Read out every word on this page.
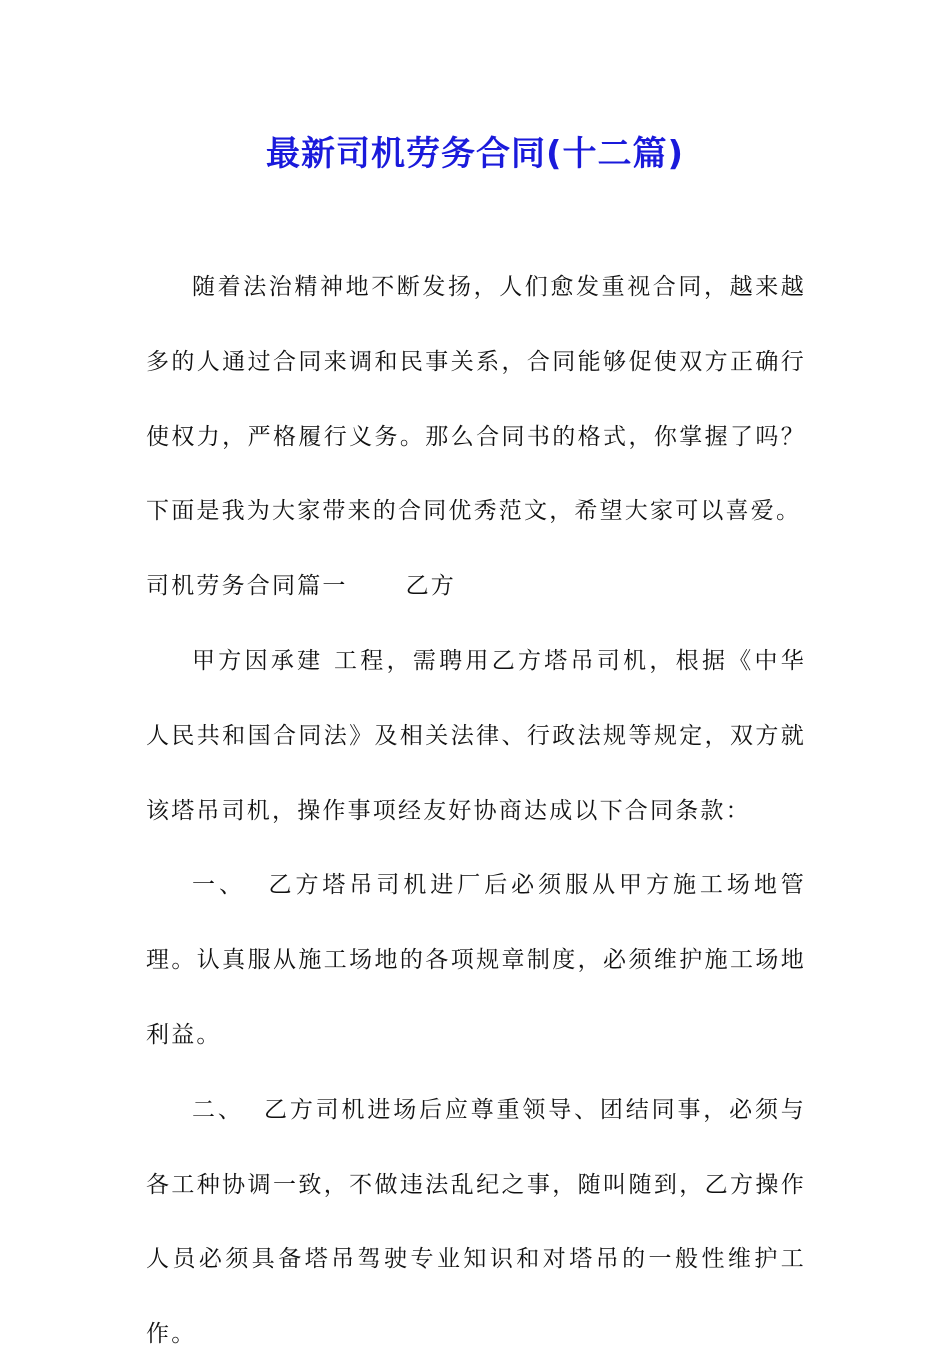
最新司机劳务合同(十二篇)

随着法治精神地不断发扬，人们愈发重视合同，越来越多的人通过合同来调和民事关系，合同能够促使双方正确行使权力，严格履行义务。那么合同书的格式，你掌握了吗？下面是我为大家带来的合同优秀范文，希望大家可以喜爱。

司机劳务合同篇一	乙方

甲方因承建 工程，需聘用乙方塔吊司机，根据《中华人民共和国合同法》及相关法律、行政法规等规定，双方就该塔吊司机，操作事项经友好协商达成以下合同条款：

一、 乙方塔吊司机进厂后必须服从甲方施工场地管理。认真服从施工场地的各项规章制度，必须维护施工场地利益。

二、 乙方司机进场后应尊重领导、团结同事，必须与各工种协调一致，不做违法乱纪之事，随叫随到，乙方操作人员必须具备塔吊驾驶专业知识和对塔吊的一般性维护工作。
